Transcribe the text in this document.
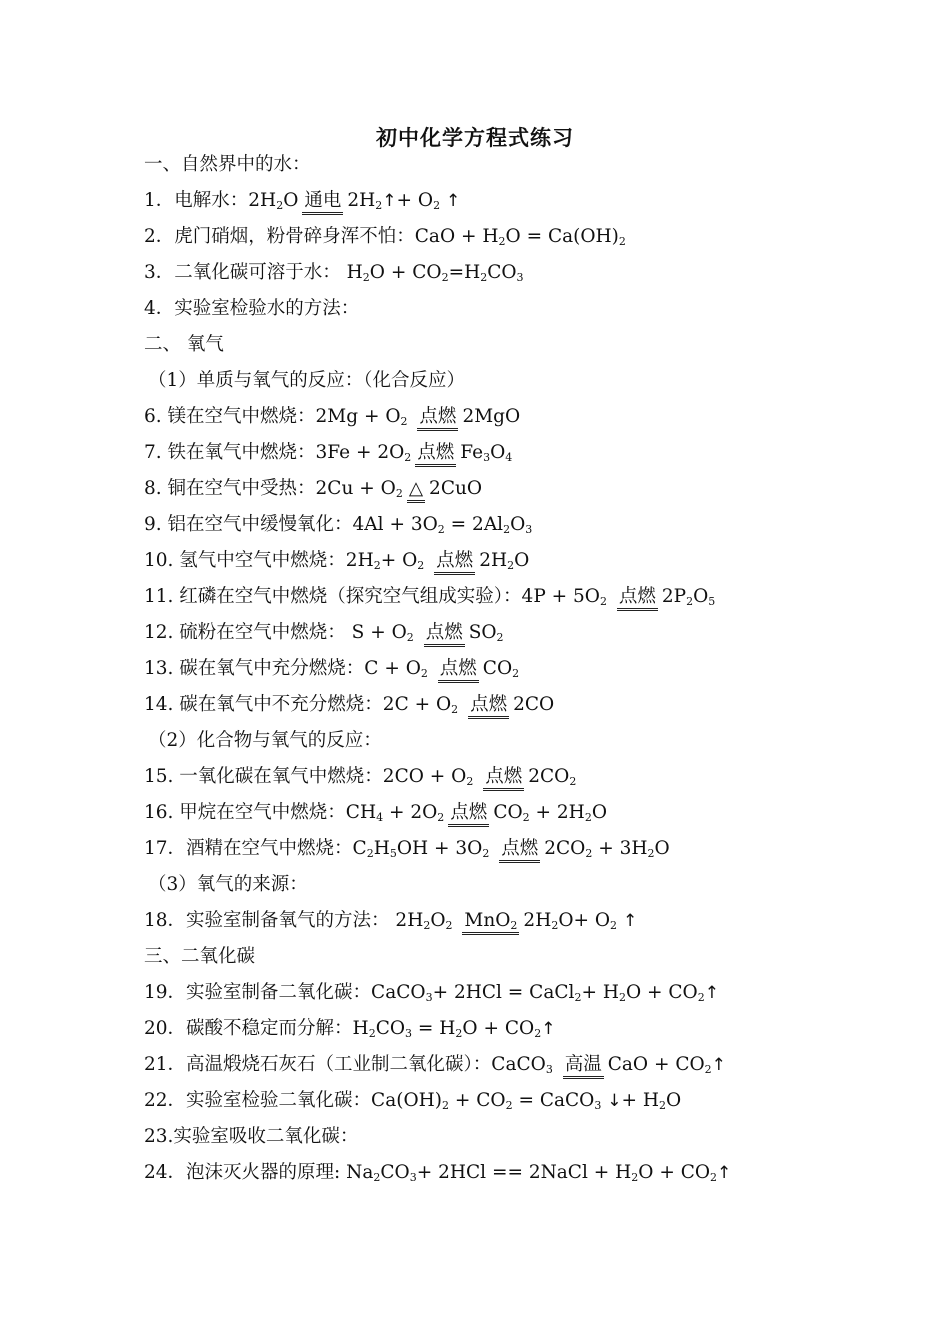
初中化学方程式练习
一、自然界中的水：
1．电解水：$2H_2O$ 通电 $2H_2↑+ O_2$ ↑
2．虎门硝烟，粉骨碎身浑不怕：CaO + $H_2O = Ca(OH)_2$
3．二氧化碳可溶于水： $H_2O + CO_2=H_2CO_3$
4．实验室检验水的方法：
二、 氧气
（1）单质与氧气的反应：（化合反应）
6. 镁在空气中燃烧：$2Mg + O_2$ 点燃 2MgO
7. 铁在氧气中燃烧：$3Fe + 2O_2$ 点燃 $Fe_3O_4$
8. 铜在空气中受热：$2Cu + O_2$ △ 2CuO
9. 铝在空气中缓慢氧化：$4Al + 3O_2 = 2Al_2O_3$
10. 氢气中空气中燃烧：$2H_2+ O_2$ 点燃 $2H_2O$
11. 红磷在空气中燃烧（探究空气组成实验）：$4P + 5O_2$ 点燃 $2P_2O_5$
12. 硫粉在空气中燃烧： $S + O_2$ 点燃 $SO_2$
13. 碳在氧气中充分燃烧：$C + O_2$ 点燃 $CO_2$
14. 碳在氧气中不充分燃烧：$2C + O_2$ 点燃 2CO
（2）化合物与氧气的反应：
15. 一氧化碳在氧气中燃烧：$2CO + O_2$ 点燃 $2CO_2$
16. 甲烷在空气中燃烧：$CH_4 + 2O_2$ 点燃 $CO_2 + 2H_2O$
17．酒精在空气中燃烧：$C_2H_5OH + 3O_2$ 点燃 $2CO_2 + 3H_2O$
（3）氧气的来源：
18．实验室制备氧气的方法： $2H_2O_2$ MnO$_2$ $2H_2O+ O_2$ ↑
三、二氧化碳
19．实验室制备二氧化碳：CaCO$_3$+ 2HCl = CaCl$_2$+ $H_2O$ + $CO_2↑$
20．碳酸不稳定而分解：$H_2CO_3 = H_2O$ + $CO_2↑$
21．高温煅烧石灰石（工业制二氧化碳）：CaCO$_3$ 高温 CaO + $CO_2↑$
22．实验室检验二氧化碳：$Ca(OH)_2 + CO_2$ = CaCO$_3$ ↓+ $H_2O$
23.实验室吸收二氧化碳：
24．泡沫灭火器的原理: $Na_2CO_3+ 2HCl$ == 2NaCl + $H_2O$ + $CO_2↑$
